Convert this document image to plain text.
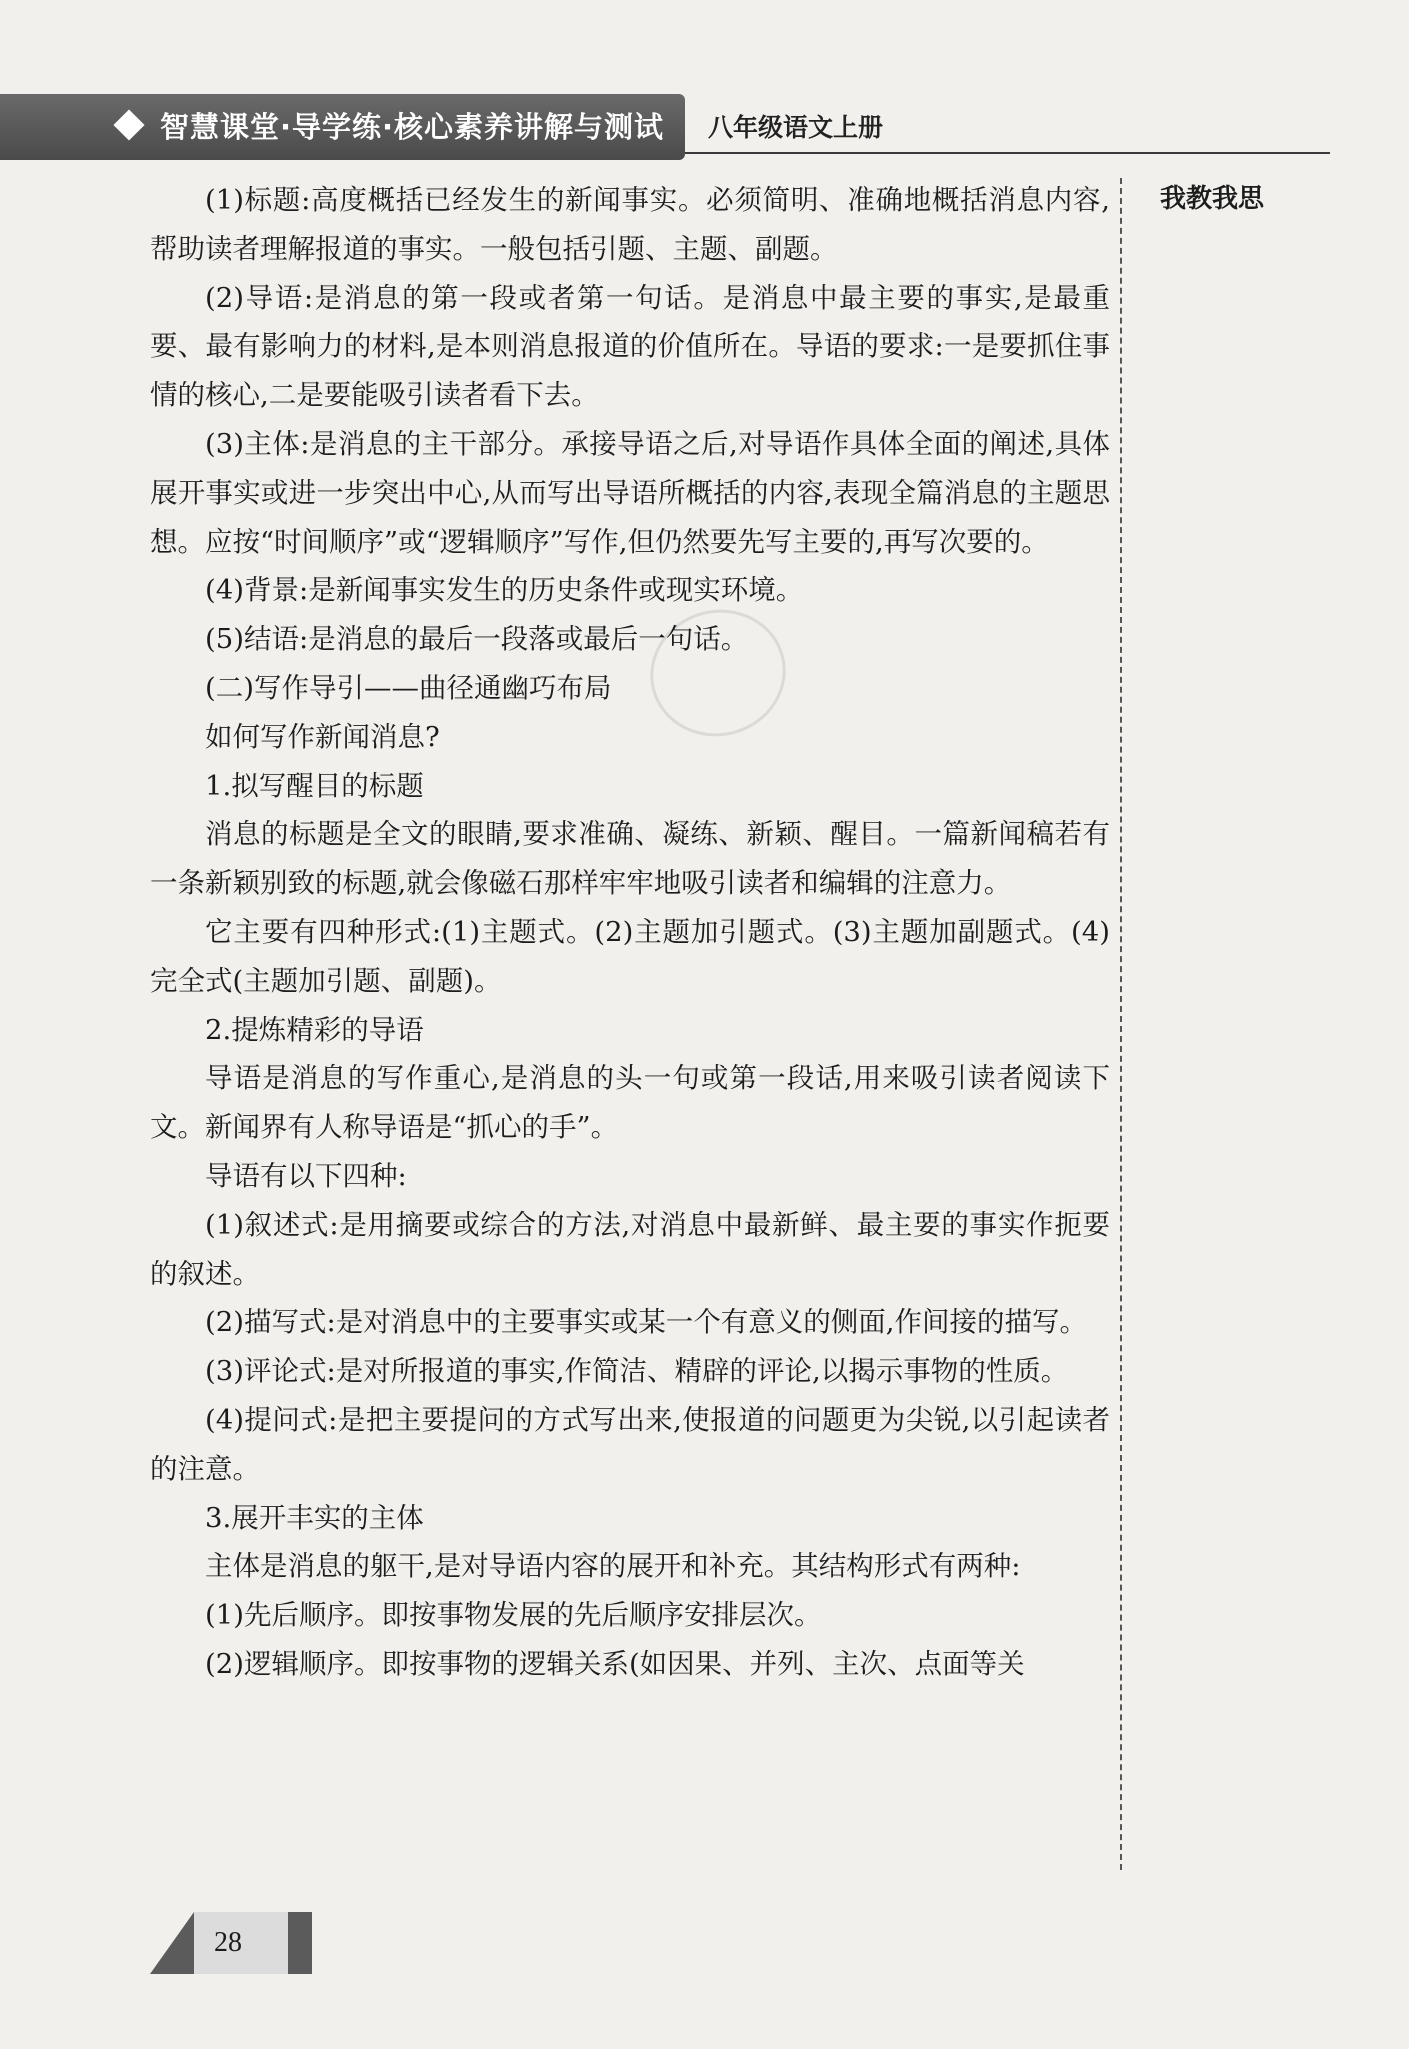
智慧课堂·导学练·核心素养讲解与测试 八年级语文上册
我教我思

(1)标题:高度概括已经发生的新闻事实。必须简明、准确地概括消息内容,帮助读者理解报道的事实。一般包括引题、主题、副题。

(2)导语:是消息的第一段或者第一句话。是消息中最主要的事实,是最重要、最有影响力的材料,是本则消息报道的价值所在。导语的要求:一是要抓住事情的核心,二是要能吸引读者看下去。

(3)主体:是消息的主干部分。承接导语之后,对导语作具体全面的阐述,具体展开事实或进一步突出中心,从而写出导语所概括的内容,表现全篇消息的主题思想。应按“时间顺序”或“逻辑顺序”写作,但仍然要先写主要的,再写次要的。

(4)背景:是新闻事实发生的历史条件或现实环境。

(5)结语:是消息的最后一段落或最后一句话。

(二)写作导引——曲径通幽巧布局

如何写作新闻消息?

1.拟写醒目的标题

消息的标题是全文的眼睛,要求准确、凝练、新颖、醒目。一篇新闻稿若有一条新颖别致的标题,就会像磁石那样牢牢地吸引读者和编辑的注意力。

它主要有四种形式:(1)主题式。(2)主题加引题式。(3)主题加副题式。(4)完全式(主题加引题、副题)。

2.提炼精彩的导语

导语是消息的写作重心,是消息的头一句或第一段话,用来吸引读者阅读下文。新闻界有人称导语是“抓心的手”。

导语有以下四种:

(1)叙述式:是用摘要或综合的方法,对消息中最新鲜、最主要的事实作扼要的叙述。

(2)描写式:是对消息中的主要事实或某一个有意义的侧面,作间接的描写。

(3)评论式:是对所报道的事实,作简洁、精辟的评论,以揭示事物的性质。

(4)提问式:是把主要提问的方式写出来,使报道的问题更为尖锐,以引起读者的注意。

3.展开丰实的主体

主体是消息的躯干,是对导语内容的展开和补充。其结构形式有两种:

(1)先后顺序。即按事物发展的先后顺序安排层次。

(2)逻辑顺序。即按事物的逻辑关系(如因果、并列、主次、点面等关

28
